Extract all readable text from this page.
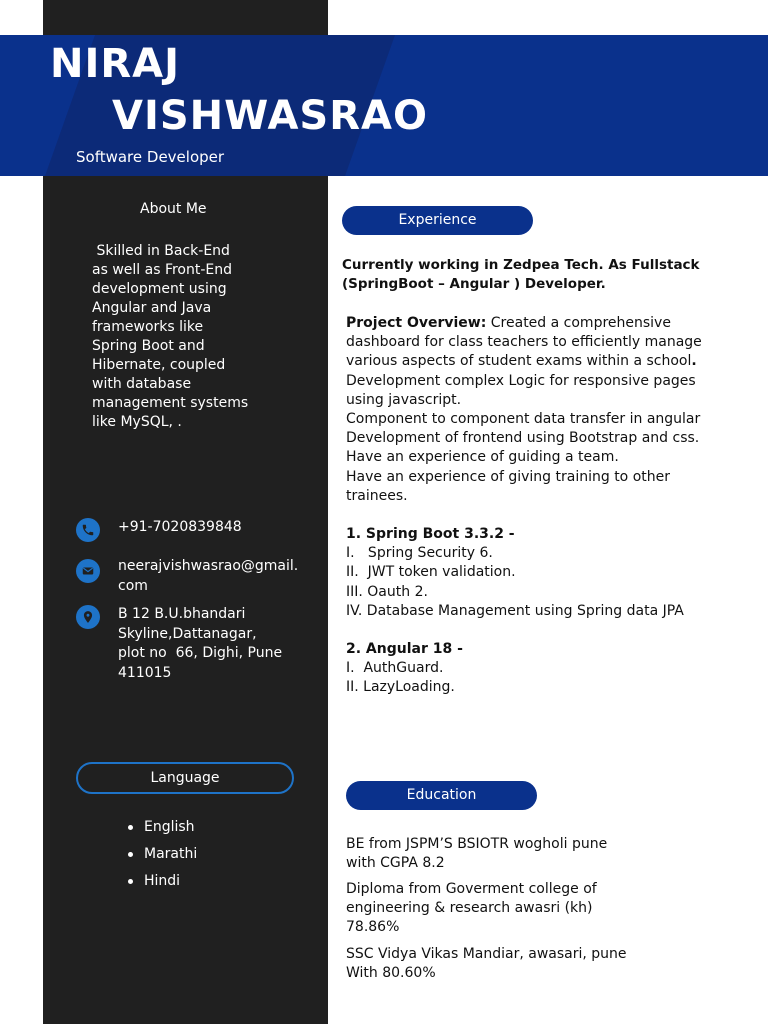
NIRAJ
VISHWASRAO
Software Developer
About Me
Skilled in Back-End
as well as Front-End
development using
Angular and Java
frameworks like
Spring Boot and
Hibernate, coupled
with database
management systems
like MySQL, .
+91-7020839848
neerajvishwasrao@gmail.
com
B 12 B.U.bhandari
Skyline,Dattanagar,
plot no  66, Dighi, Pune
411015
Language
English
Marathi
Hindi
Experience
Currently working in Zedpea Tech. As Fullstack
(SpringBoot – Angular ) Developer.

Project Overview: Created a comprehensive dashboard for class teachers to efficiently manage various aspects of student exams within a school.

Development complex Logic for responsive pages using javascript.

Component to component data transfer in angular

Development of frontend using Bootstrap and css.

Have an experience of guiding a team.

Have an experience of giving training to other trainees.

1. Spring Boot 3.3.2 -

I.   Spring Security 6.

II.  JWT token validation.

III. Oauth 2.

IV. Database Management using Spring data JPA

2. Angular 18 -

I.  AuthGuard.

II. LazyLoading.

Education
BE from JSPM’S BSIOTR wogholi pune
with CGPA 8.2
Diploma from Goverment college of
engineering & research awasri (kh)
78.86%
SSC Vidya Vikas Mandiar, awasari, pune
With 80.60%
